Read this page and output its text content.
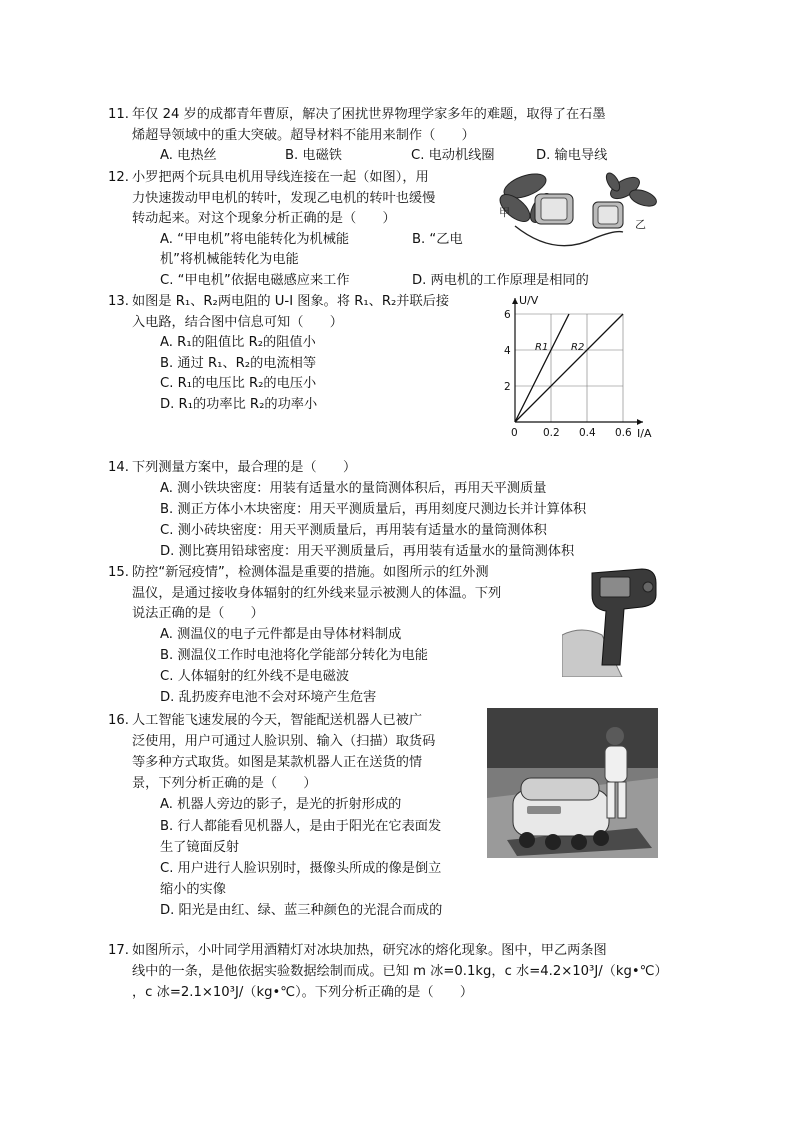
11. 年仅 24 岁的成都青年曹原，解决了困扰世界物理学家多年的难题，取得了在石墨
烯超导领域中的重大突破。超导材料不能用来制作（　　）
A. 电热丝	B. 电磁铁	C. 电动机线圈	D. 输电导线
12. 小罗把两个玩具电机用导线连接在一起（如图），用
力快速拨动甲电机的转叶，发现乙电机的转叶也缓慢
转动起来。对这个现象分析正确的是（　　）
A. “甲电机”将电能转化为机械能	B. “乙电
机”将机械能转化为电能
C. “甲电机”依据电磁感应来工作	D. 两电机的工作原理是相同的
甲
乙
13. 如图是 R₁、R₂两电阻的 U-I 图象。将 R₁、R₂并联后接
入电路，结合图中信息可知（　　）
A. R₁的阻值比 R₂的阻值小
B. 通过 R₁、R₂的电流相等
C. R₁的电压比 R₂的电压小
D. R₁的功率比 R₂的功率小
0 0.2 0.4 0.6
2
4
6
U/V
I/A
R1 R2
14. 下列测量方案中，最合理的是（　　）
A. 测小铁块密度：用装有适量水的量筒测体积后，再用天平测质量
B. 测正方体小木块密度：用天平测质量后，再用刻度尺测边长并计算体积
C. 测小砖块密度：用天平测质量后，再用装有适量水的量筒测体积
D. 测比赛用铅球密度：用天平测质量后，再用装有适量水的量筒测体积
15. 防控“新冠疫情”，检测体温是重要的措施。如图所示的红外测
温仪，是通过接收身体辐射的红外线来显示被测人的体温。下列
说法正确的是（　　）
A. 测温仪的电子元件都是由导体材料制成
B. 测温仪工作时电池将化学能部分转化为电能
C. 人体辐射的红外线不是电磁波
D. 乱扔废弃电池不会对环境产生危害
16. 人工智能飞速发展的今天，智能配送机器人已被广
泛使用，用户可通过人脸识别、输入（扫描）取货码
等多种方式取货。如图是某款机器人正在送货的情
景，下列分析正确的是（　　）
A. 机器人旁边的影子，是光的折射形成的
B. 行人都能看见机器人，是由于阳光在它表面发
生了镜面反射
C. 用户进行人脸识别时，摄像头所成的像是倒立
缩小的实像
D. 阳光是由红、绿、蓝三种颜色的光混合而成的
17. 如图所示，小叶同学用酒精灯对冰块加热，研究冰的熔化现象。图中，甲乙两条图
线中的一条，是他依据实验数据绘制而成。已知 m 冰=0.1kg，c 水=4.2×10³J/（kg•℃）
，c 冰=2.1×10³J/（kg•℃）。下列分析正确的是（　　）
